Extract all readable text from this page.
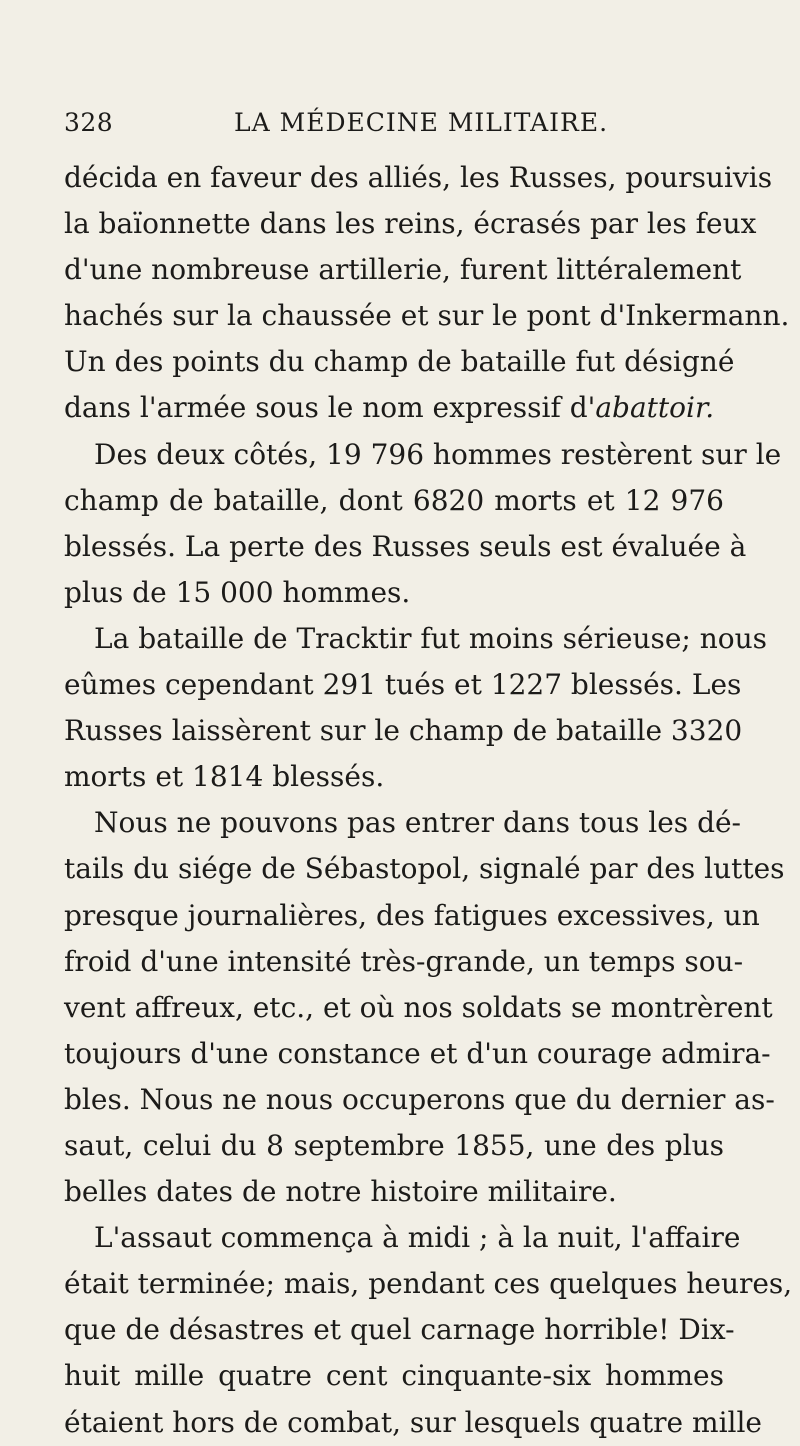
328	LA MÉDECINE MILITAIRE.
décida en faveur des alliés, les Russes, poursuivis
la baïonnette dans les reins, écrasés par les feux
d'une nombreuse artillerie, furent littéralement
hachés sur la chaussée et sur le pont d'Inkermann.
Un des points du champ de bataille fut désigné
dans l'armée sous le nom expressif d'abattoir.
Des deux côtés, 19 796 hommes restèrent sur le
champ de bataille, dont 6820 morts et 12 976
blessés. La perte des Russes seuls est évaluée à
plus de 15 000 hommes.
La bataille de Tracktir fut moins sérieuse; nous
eûmes cependant 291 tués et 1227 blessés. Les
Russes laissèrent sur le champ de bataille 3320
morts et 1814 blessés.
Nous ne pouvons pas entrer dans tous les dé-
tails du siége de Sébastopol, signalé par des luttes
presque journalières, des fatigues excessives, un
froid d'une intensité très-grande, un temps sou-
vent affreux, etc., et où nos soldats se montrèrent
toujours d'une constance et d'un courage admira-
bles. Nous ne nous occuperons que du dernier as-
saut, celui du 8 septembre 1855, une des plus
belles dates de notre histoire militaire.
L'assaut commença à midi ; à la nuit, l'affaire
était terminée; mais, pendant ces quelques heures,
que de désastres et quel carnage horrible! Dix-
huit mille quatre cent cinquante-six hommes
étaient hors de combat, sur lesquels quatre mille
